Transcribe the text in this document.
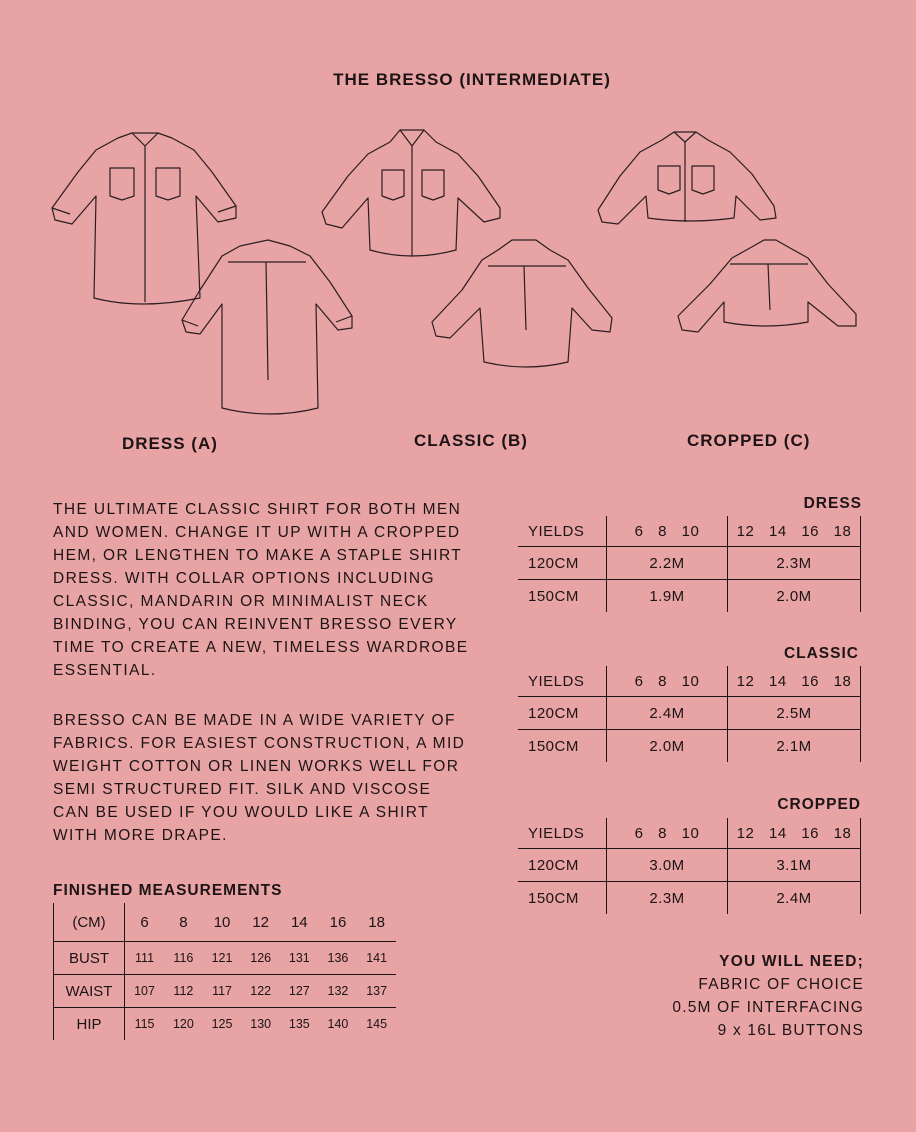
THE BRESSO (INTERMEDIATE)
DRESS (A)	CLASSIC (B)	CROPPED (C)

THE ULTIMATE CLASSIC SHIRT FOR BOTH MEN AND WOMEN. CHANGE IT UP WITH A CROPPED HEM, OR LENGTHEN TO MAKE A STAPLE SHIRT DRESS. WITH COLLAR OPTIONS INCLUDING CLASSIC, MANDARIN OR MINIMALIST NECK BINDING, YOU CAN REINVENT BRESSO EVERY TIME TO CREATE A NEW, TIMELESS WARDROBE ESSENTIAL.

BRESSO CAN BE MADE IN A WIDE VARIETY OF FABRICS. FOR EASIEST CONSTRUCTION, A MID WEIGHT COTTON OR LINEN WORKS WELL FOR SEMI STRUCTURED FIT. SILK AND VISCOSE CAN BE USED IF YOU WOULD LIKE A SHIRT WITH MORE DRAPE.

DRESS
YIELDS	6 8 10	12 14 16 18
120CM	2.2M	2.3M
150CM	1.9M	2.0M
CLASSIC
YIELDS	6 8 10	12 14 16 18
120CM	2.4M	2.5M
150CM	2.0M	2.1M
CROPPED
YIELDS	6 8 10	12 14 16 18
120CM	3.0M	3.1M
150CM	2.3M	2.4M
FINISHED MEASUREMENTS
(CM)	6	8	10	12	14	16	18
BUST	111	116	121	126	131	136	141
WAIST	107	112	117	122	127	132	137
HIP	115	120	125	130	135	140	145
YOU WILL NEED;
FABRIC OF CHOICE
0.5M OF INTERFACING
9 x 16L BUTTONS
